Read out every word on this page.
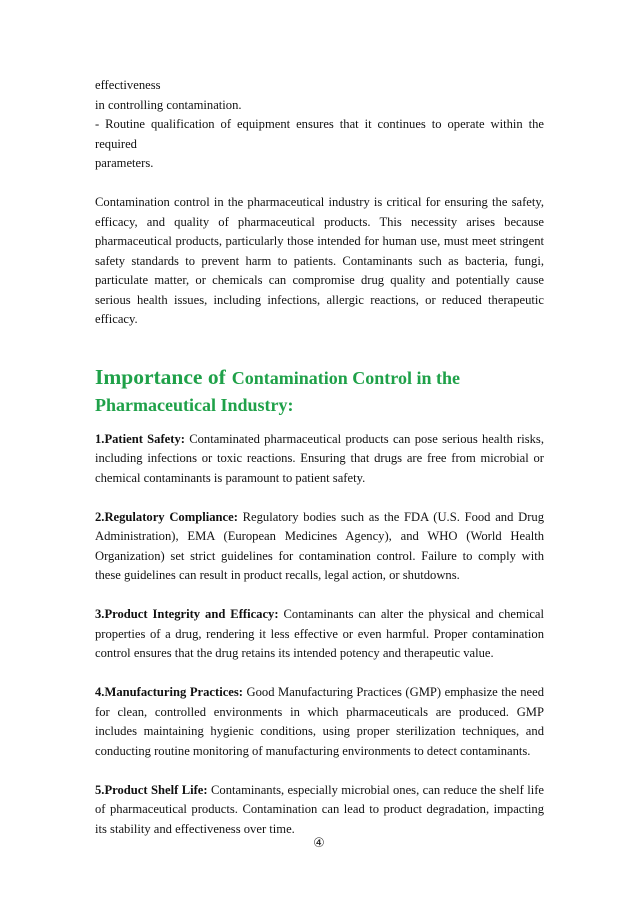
effectiveness
in controlling contamination.
- Routine qualification of equipment ensures that it continues to operate within the
required
parameters.

Contamination control in the pharmaceutical industry is critical for ensuring the safety, efficacy, and quality of pharmaceutical products. This necessity arises because pharmaceutical products, particularly those intended for human use, must meet stringent safety standards to prevent harm to patients. Contaminants such as bacteria, fungi, particulate matter, or chemicals can compromise drug quality and potentially cause serious health issues, including infections, allergic reactions, or reduced therapeutic efficacy.

Importance of Contamination Control in the
Pharmaceutical Industry:

1.Patient Safety: Contaminated pharmaceutical products can pose serious health risks, including infections or toxic reactions. Ensuring that drugs are free from microbial or chemical contaminants is paramount to patient safety.

2.Regulatory Compliance: Regulatory bodies such as the FDA (U.S. Food and Drug Administration), EMA (European Medicines Agency), and WHO (World Health Organization) set strict guidelines for contamination control. Failure to comply with these guidelines can result in product recalls, legal action, or shutdowns.

3.Product Integrity and Efficacy: Contaminants can alter the physical and chemical properties of a drug, rendering it less effective or even harmful. Proper contamination control ensures that the drug retains its intended potency and therapeutic value.

4.Manufacturing Practices: Good Manufacturing Practices (GMP) emphasize the need for clean, controlled environments in which pharmaceuticals are produced. GMP includes maintaining hygienic conditions, using proper sterilization techniques, and conducting routine monitoring of manufacturing environments to detect contaminants.

5.Product Shelf Life: Contaminants, especially microbial ones, can reduce the shelf life of pharmaceutical products. Contamination can lead to product degradation, impacting its stability and effectiveness over time.

④
